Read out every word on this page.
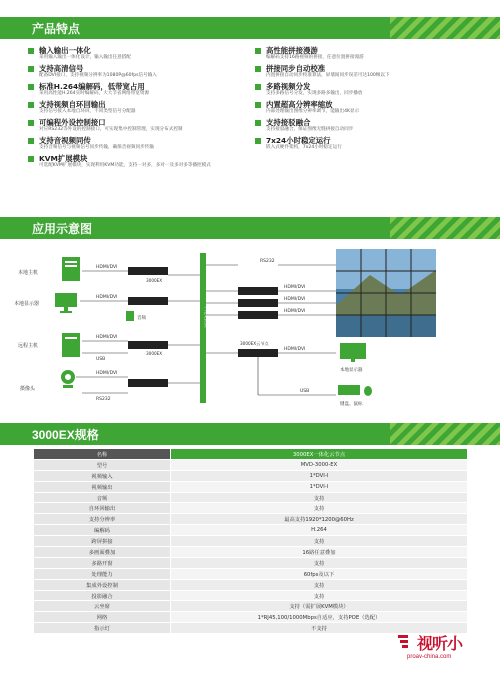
产品特点
输入输出一体化
采用输入输出一体化设计，输入输出任意搭配
支持高清信号
配备DVI接口，支持视频分辨率为1080P@60fps信号输入
标准H.264编解码，低带宽占用
采用高性能H.264实时编解码，大大节省网络带宽资源
支持视频自环回输出
支持信号接入本地自环回，不同类型信号分配器
可编程外设控制接口
对应RS232等外设的控制接口，可实现集中控制管理，实现分布式控制
支持音视频同传
支持音频信号与视频信号同步传输，确保音视频同步传输
KVM扩展模块
可选配KVM扩展模块，实现利用KVM功能，支持一对多，多对一及多对多等播控模式
高性能拼接漫游
编解码支持16路视频的拼接，任意位置拼接漫游
拼接同步自动校准
内置拼接自动同步校准算法，屏墙间同步误差可达100帧以下
多路视频分发
支持多路信号分发，实现多路多输出，同步播放
内置超高分辨率缩放
内部处理输出图像分辨率调节，能输出4K显示
支持接驳融合
支持接驳融合，保证图像无缝拼接自动同步
7x24小时稳定运行
嵌入式硬件架构，7x24小时稳定运行
应用示意图
本地主机
本地显示器
远程主机
摄像头
HDMI/DVI
HDMI/DVI
HDMI/DVI
USB
HDMI/DVI
RS232
3000EX
3000EX
音频	千兆交换机
RS232
HDMI/DVI
HDMI/DVI
HDMI/DVI
HDMI/DVI
3000EX云节点
USB
本地显示器
键盘、鼠标
3000EX规格
名称	3000EX一体化云节点
型号	MVD-3000-EX
视频输入	1*DVI-I
视频输出	1*DVI-I
音频	支持
自环回输出	支持
支持分辨率	最高支持1920*1200@60Hz
编解码	H.264
跨屏拼接	支持
多画面叠加	16路任意叠加
多路开窗	支持
处理能力	60fps及以下
集成外设控制	支持
投影融合	支持
云坐席	支持（需扩展KVM模块）
网络	1*RJ45,100/1000Mbps自适应，支持POE（选配）
指示灯	不支持
视听小
proav-china.com
